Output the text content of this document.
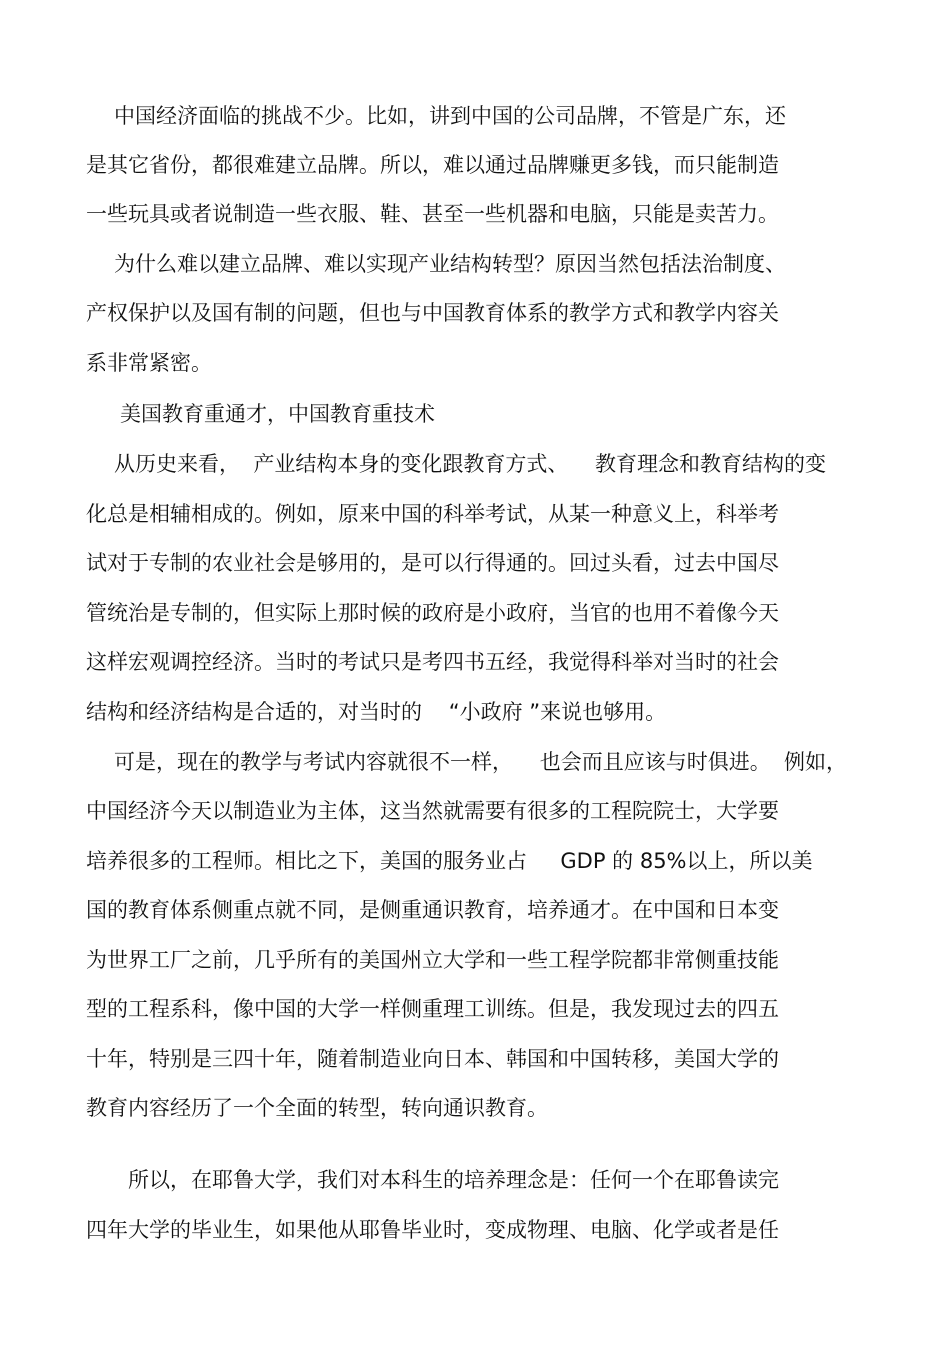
中国经济面临的挑战不少。比如，讲到中国的公司品牌，不管是广东，还
是其它省份，都很难建立品牌。所以，难以通过品牌赚更多钱，而只能制造
一些玩具或者说制造一些衣服、鞋、甚至一些机器和电脑，只能是卖苦力。
为什么难以建立品牌、难以实现产业结构转型？原因当然包括法治制度、
产权保护以及国有制的问题，但也与中国教育体系的教学方式和教学内容关
系非常紧密。
美国教育重通才，中国教育重技术
从历史来看，  产业结构本身的变化跟教育方式、    教育理念和教育结构的变
化总是相辅相成的。例如，原来中国的科举考试，从某一种意义上，科举考
试对于专制的农业社会是够用的，是可以行得通的。回过头看，过去中国尽
管统治是专制的，但实际上那时候的政府是小政府，当官的也用不着像今天
这样宏观调控经济。当时的考试只是考四书五经，我觉得科举对当时的社会
结构和经济结构是合适的，对当时的    “小政府 ”来说也够用。
可是，现在的教学与考试内容就很不一样，    也会而且应该与时俱进。  例如，
中国经济今天以制造业为主体，这当然就需要有很多的工程院院士，大学要
培养很多的工程师。相比之下，美国的服务业占     GDP 的 85%以上，所以美
国的教育体系侧重点就不同，是侧重通识教育，培养通才。在中国和日本变
为世界工厂之前，几乎所有的美国州立大学和一些工程学院都非常侧重技能
型的工程系科，像中国的大学一样侧重理工训练。但是，我发现过去的四五
十年，特别是三四十年，随着制造业向日本、韩国和中国转移，美国大学的
教育内容经历了一个全面的转型，转向通识教育。
所以，在耶鲁大学，我们对本科生的培养理念是：任何一个在耶鲁读完
四年大学的毕业生，如果他从耶鲁毕业时，变成物理、电脑、化学或者是任
